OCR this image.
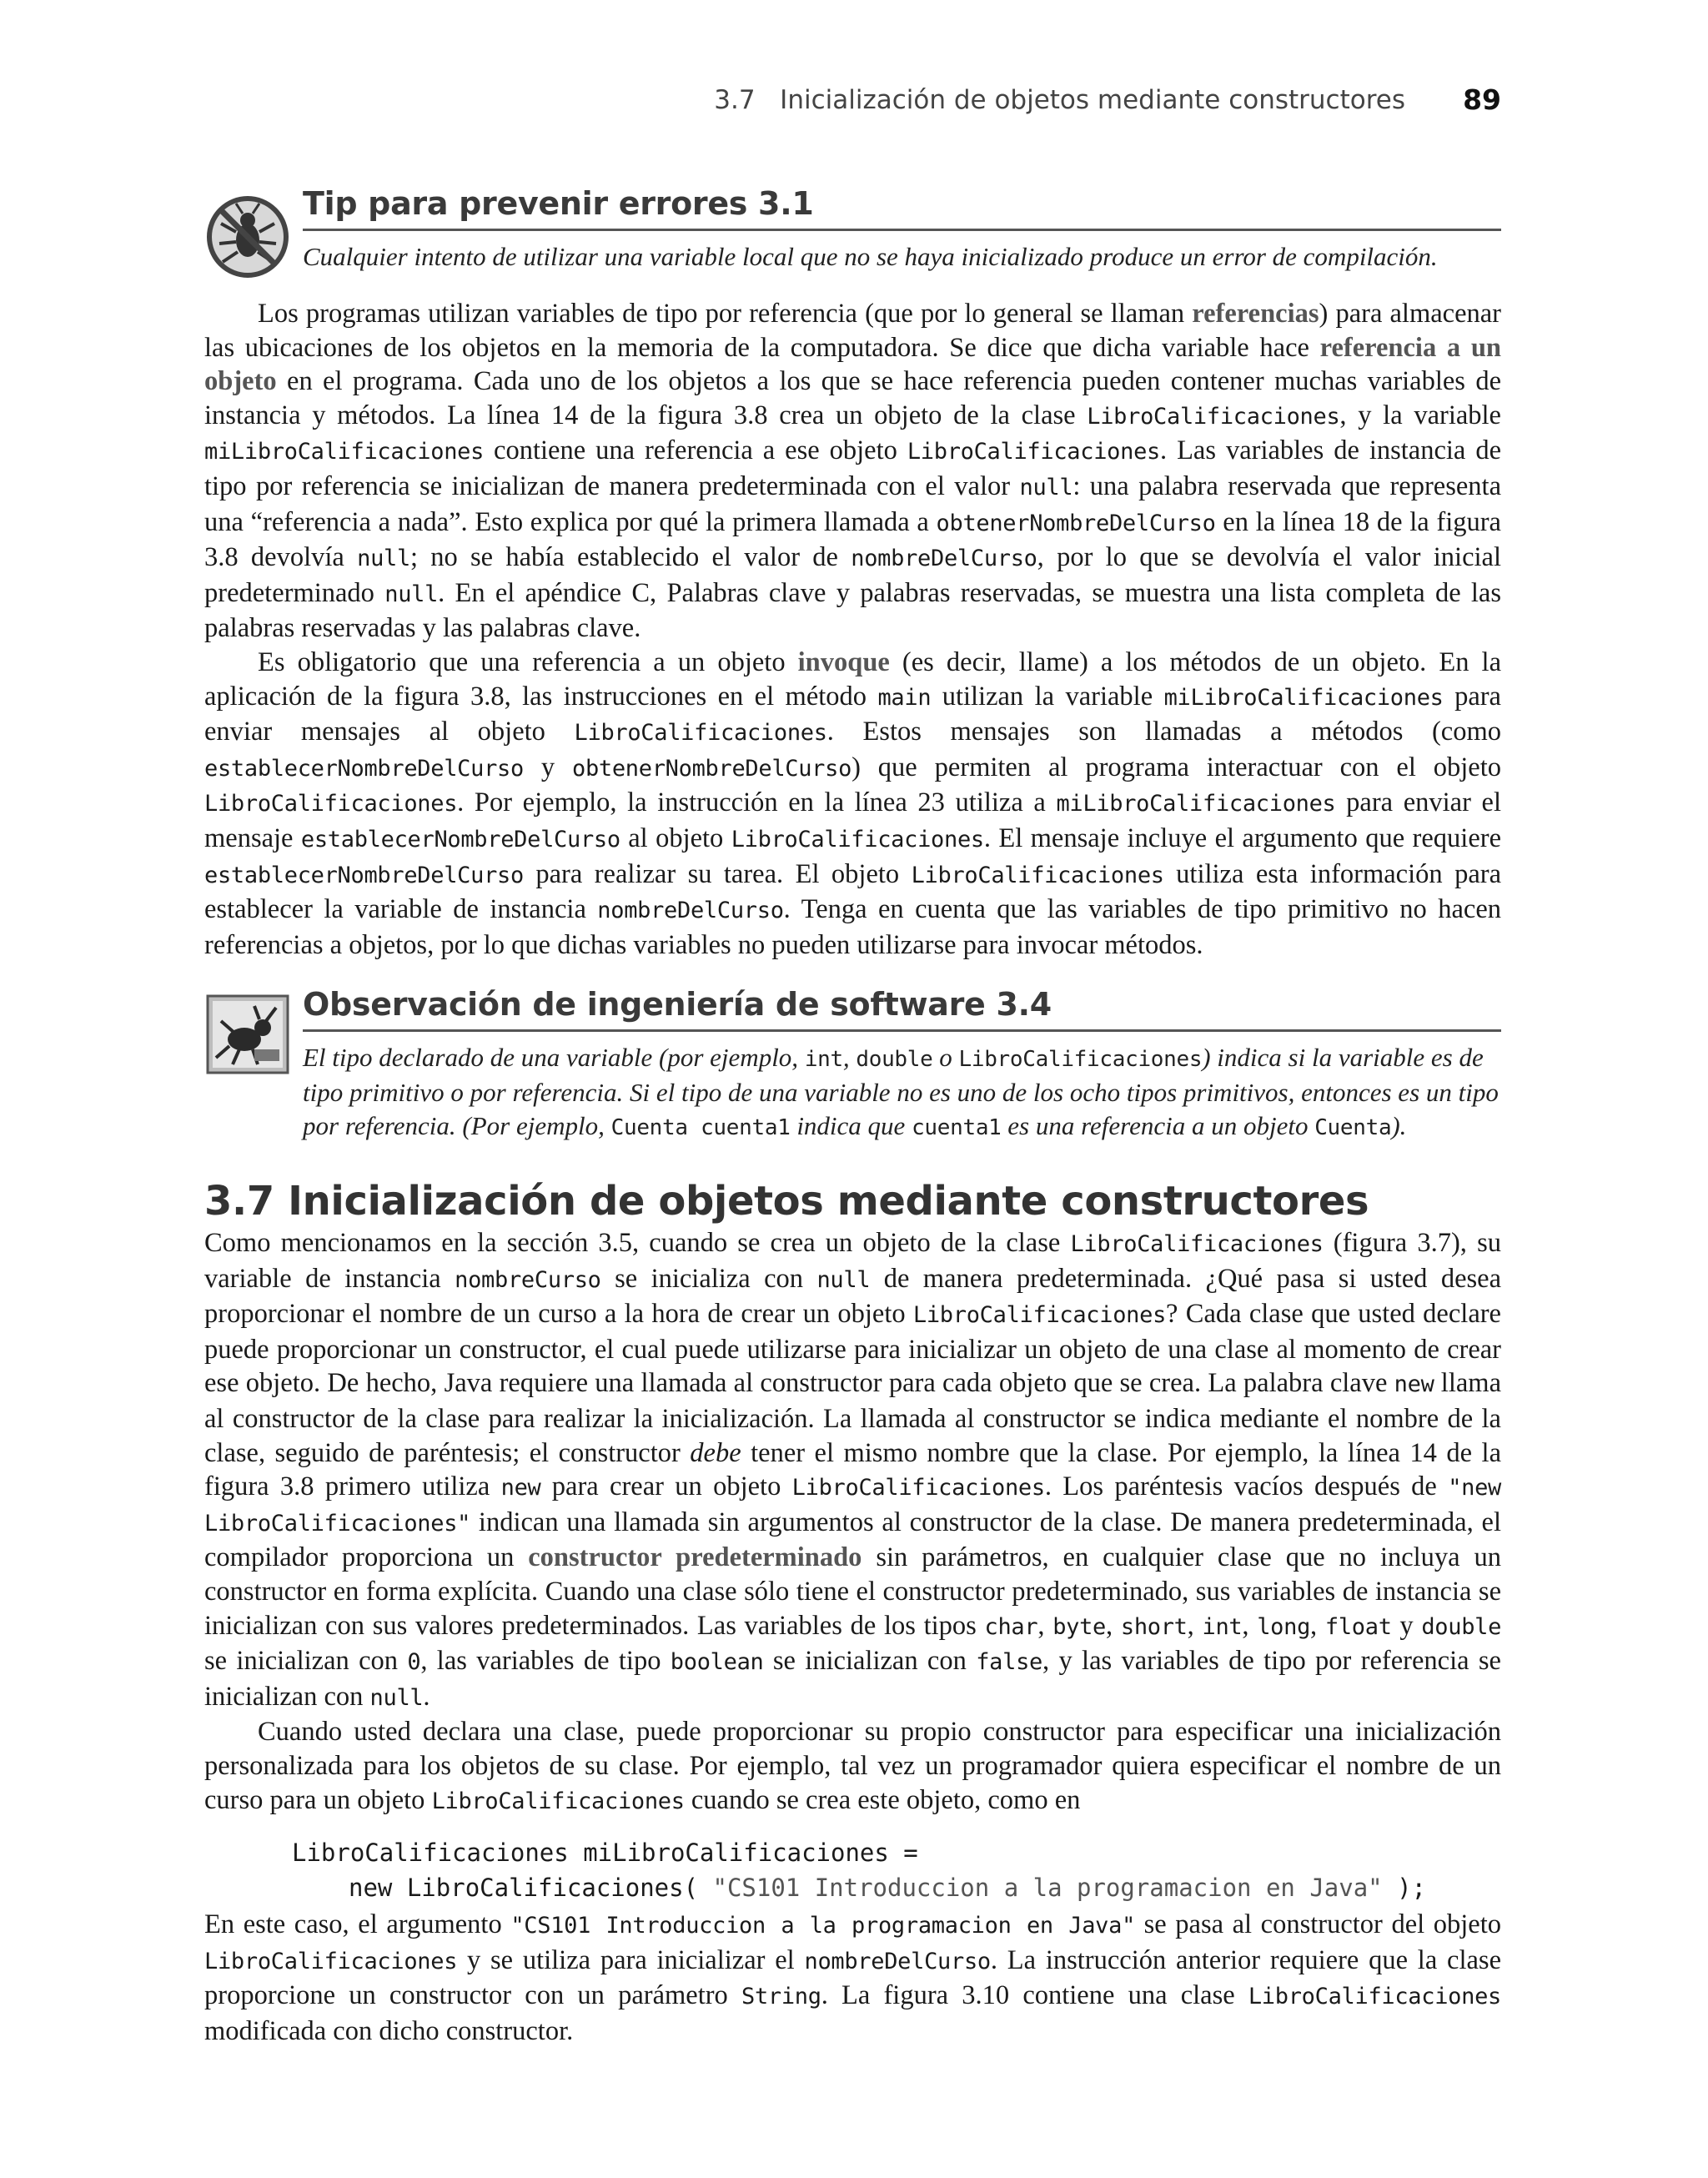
3.7 Inicialización de objetos mediante constructores 89
Tip para prevenir errores 3.1
Cualquier intento de utilizar una variable local que no se haya inicializado produce un error de compilación.

Los programas utilizan variables de tipo por referencia (que por lo general se llaman referencias) para almacenar las ubicaciones de los objetos en la memoria de la computadora. Se dice que dicha variable hace referencia a un objeto en el programa. Cada uno de los objetos a los que se hace referencia pueden contener muchas variables de instancia y métodos. La línea 14 de la figura 3.8 crea un objeto de la clase LibroCalificaciones, y la variable miLibroCalificaciones contiene una referencia a ese objeto LibroCalificaciones. Las variables de instancia de tipo por referencia se inicializan de manera predeterminada con el valor null: una palabra reservada que representa una “referencia a nada”. Esto explica por qué la primera llamada a obtenerNombreDelCurso en la línea 18 de la figura 3.8 devolvía null; no se había establecido el valor de nombreDelCurso, por lo que se devolvía el valor inicial predeterminado null. En el apéndice C, Palabras clave y palabras reservadas, se muestra una lista completa de las palabras reservadas y las palabras clave.

Es obligatorio que una referencia a un objeto invoque (es decir, llame) a los métodos de un objeto. En la aplicación de la figura 3.8, las instrucciones en el método main utilizan la variable miLibroCalificaciones para enviar mensajes al objeto LibroCalificaciones. Estos mensajes son llamadas a métodos (como establecerNombreDelCurso y obtenerNombreDelCurso) que permiten al programa interactuar con el objeto LibroCalificaciones. Por ejemplo, la instrucción en la línea 23 utiliza a miLibroCalificaciones para enviar el mensaje establecerNombreDelCurso al objeto LibroCalificaciones. El mensaje incluye el argumento que requiere establecerNombreDelCurso para realizar su tarea. El objeto LibroCalificaciones utiliza esta información para establecer la variable de instancia nombreDelCurso. Tenga en cuenta que las variables de tipo primitivo no hacen referencias a objetos, por lo que dichas variables no pueden utilizarse para invocar métodos.

Observación de ingeniería de software 3.4
El tipo declarado de una variable (por ejemplo, int, double o LibroCalificaciones) indica si la variable es de tipo primitivo o por referencia. Si el tipo de una variable no es uno de los ocho tipos primitivos, entonces es un tipo por referencia. (Por ejemplo, Cuenta cuenta1 indica que cuenta1 es una referencia a un objeto Cuenta).
3.7 Inicialización de objetos mediante constructores

Como mencionamos en la sección 3.5, cuando se crea un objeto de la clase LibroCalificaciones (figura 3.7), su variable de instancia nombreCurso se inicializa con null de manera predeterminada. ¿Qué pasa si usted desea proporcionar el nombre de un curso a la hora de crear un objeto LibroCalificaciones? Cada clase que usted declare puede proporcionar un constructor, el cual puede utilizarse para inicializar un objeto de una clase al momento de crear ese objeto. De hecho, Java requiere una llamada al constructor para cada objeto que se crea. La palabra clave new llama al constructor de la clase para realizar la inicialización. La llamada al constructor se indica mediante el nombre de la clase, seguido de paréntesis; el constructor debe tener el mismo nombre que la clase. Por ejemplo, la línea 14 de la figura 3.8 primero utiliza new para crear un objeto LibroCalificaciones. Los paréntesis vacíos después de "new LibroCalificaciones" indican una llamada sin argumentos al constructor de la clase. De manera predeterminada, el compilador proporciona un constructor predeterminado sin parámetros, en cualquier clase que no incluya un constructor en forma explícita. Cuando una clase sólo tiene el constructor predeterminado, sus variables de instancia se inicializan con sus valores predeterminados. Las variables de los tipos char, byte, short, int, long, float y double se inicializan con 0, las variables de tipo boolean se inicializan con false, y las variables de tipo por referencia se inicializan con null.

Cuando usted declara una clase, puede proporcionar su propio constructor para especificar una inicialización personalizada para los objetos de su clase. Por ejemplo, tal vez un programador quiera especificar el nombre de un curso para un objeto LibroCalificaciones cuando se crea este objeto, como en

LibroCalificaciones miLibroCalificaciones =
new LibroCalificaciones( "CS101 Introduccion a la programacion en Java" );

En este caso, el argumento "CS101 Introduccion a la programacion en Java" se pasa al constructor del objeto LibroCalificaciones y se utiliza para inicializar el nombreDelCurso. La instrucción anterior requiere que la clase proporcione un constructor con un parámetro String. La figura 3.10 contiene una clase LibroCalificaciones modificada con dicho constructor.
